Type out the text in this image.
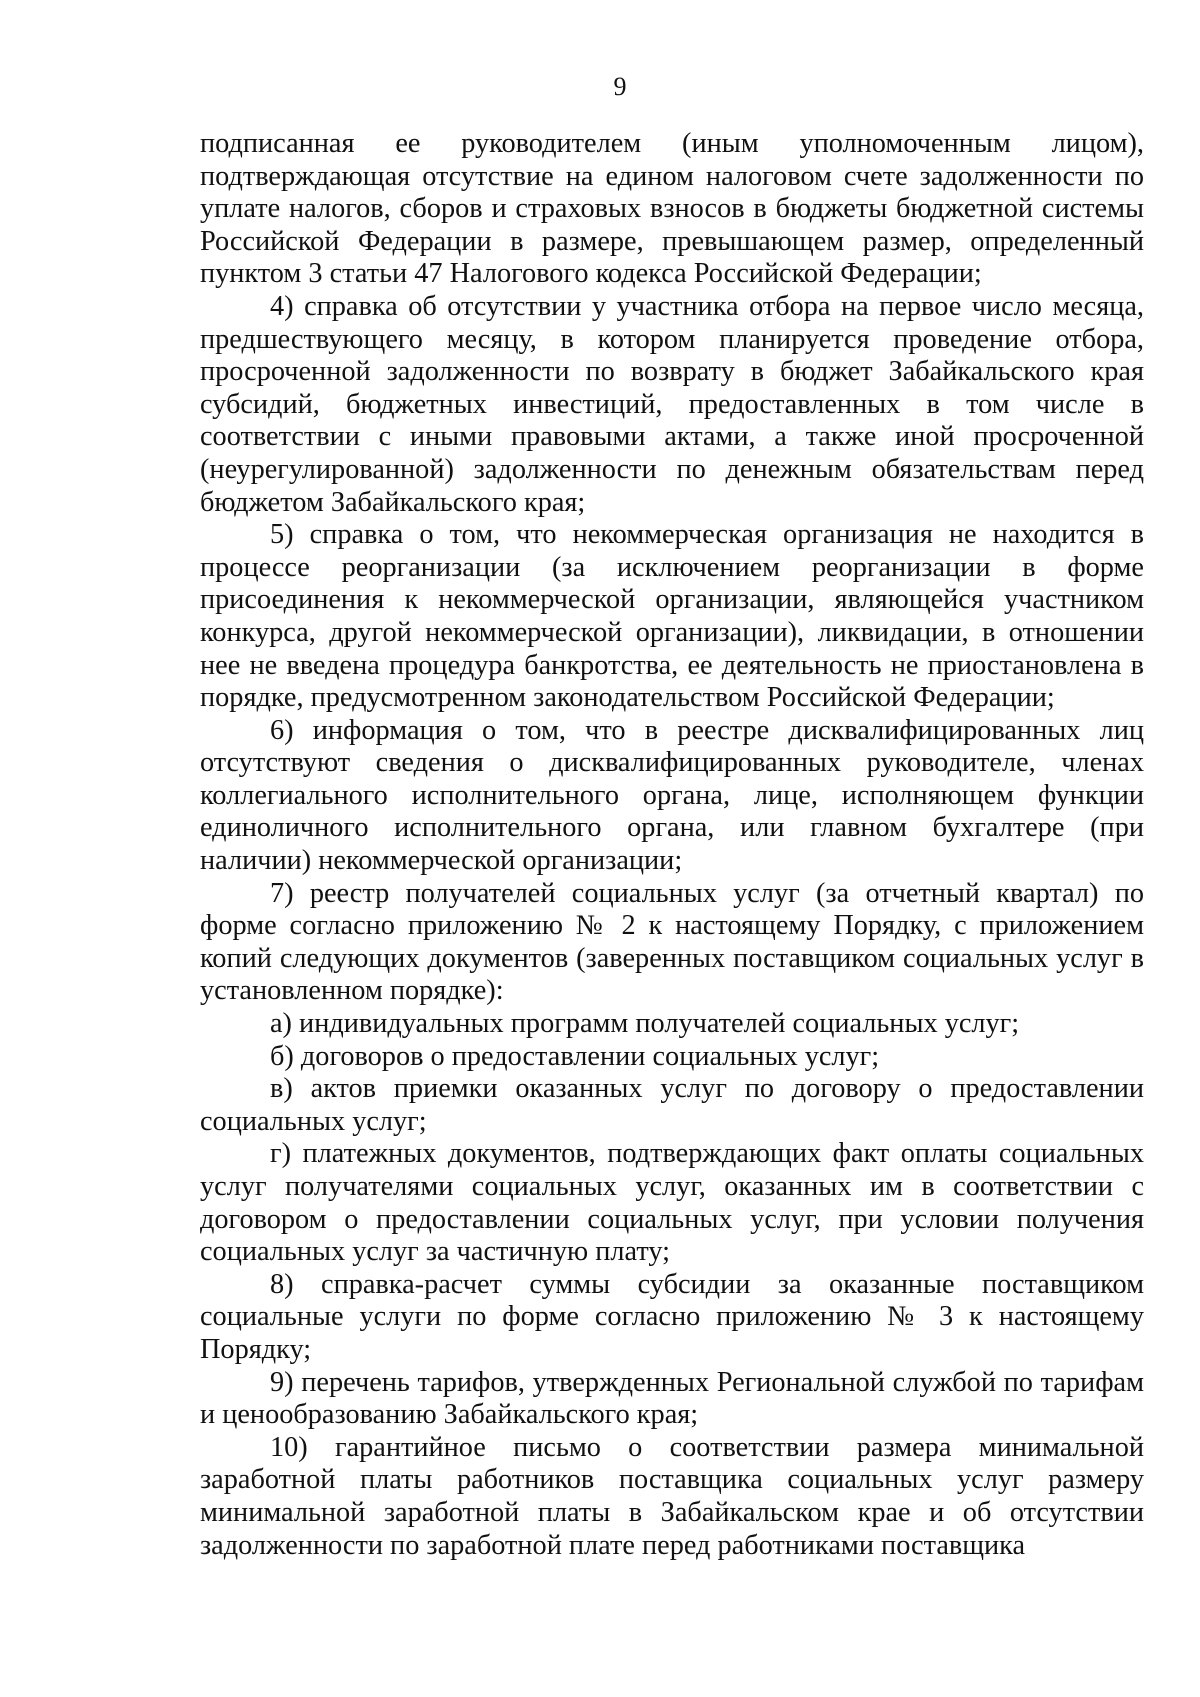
9

подписанная ее руководителем (иным уполномоченным лицом), подтверждающая отсутствие на едином налоговом счете задолженности по уплате налогов, сборов и страховых взносов в бюджеты бюджетной системы Российской Федерации в размере, превышающем размер, определенный пунктом 3 статьи 47 Налогового кодекса Российской Федерации;

4) справка об отсутствии у участника отбора на первое число месяца, предшествующего месяцу, в котором планируется проведение отбора, просроченной задолженности по возврату в бюджет Забайкальского края субсидий, бюджетных инвестиций, предоставленных в том числе в соответствии с иными правовыми актами, а также иной просроченной (неурегулированной) задолженности по денежным обязательствам перед бюджетом Забайкальского края;

5) справка о том, что некоммерческая организация не находится в процессе реорганизации (за исключением реорганизации в форме присоединения к некоммерческой организации, являющейся участником конкурса, другой некоммерческой организации), ликвидации, в отношении нее не введена процедура банкротства, ее деятельность не приостановлена в порядке, предусмотренном законодательством Российской Федерации;

6) информация о том, что в реестре дисквалифицированных лиц отсутствуют сведения о дисквалифицированных руководителе, членах коллегиального исполнительного органа, лице, исполняющем функции единоличного исполнительного органа, или главном бухгалтере (при наличии) некоммерческой организации;

7) реестр получателей социальных услуг (за отчетный квартал) по форме согласно приложению № 2 к настоящему Порядку, с приложением копий следующих документов (заверенных поставщиком социальных услуг в установленном порядке):

а) индивидуальных программ получателей социальных услуг;

б) договоров о предоставлении социальных услуг;

в) актов приемки оказанных услуг по договору о предоставлении социальных услуг;

г) платежных документов, подтверждающих факт оплаты социальных услуг получателями социальных услуг, оказанных им в соответствии с договором о предоставлении социальных услуг, при условии получения социальных услуг за частичную плату;

8) справка-расчет суммы субсидии за оказанные поставщиком социальные услуги по форме согласно приложению № 3 к настоящему Порядку;

9) перечень тарифов, утвержденных Региональной службой по тарифам и ценообразованию Забайкальского края;

10) гарантийное письмо о соответствии размера минимальной заработной платы работников поставщика социальных услуг размеру минимальной заработной платы в Забайкальском крае и об отсутствии задолженности по заработной плате перед работниками поставщика
